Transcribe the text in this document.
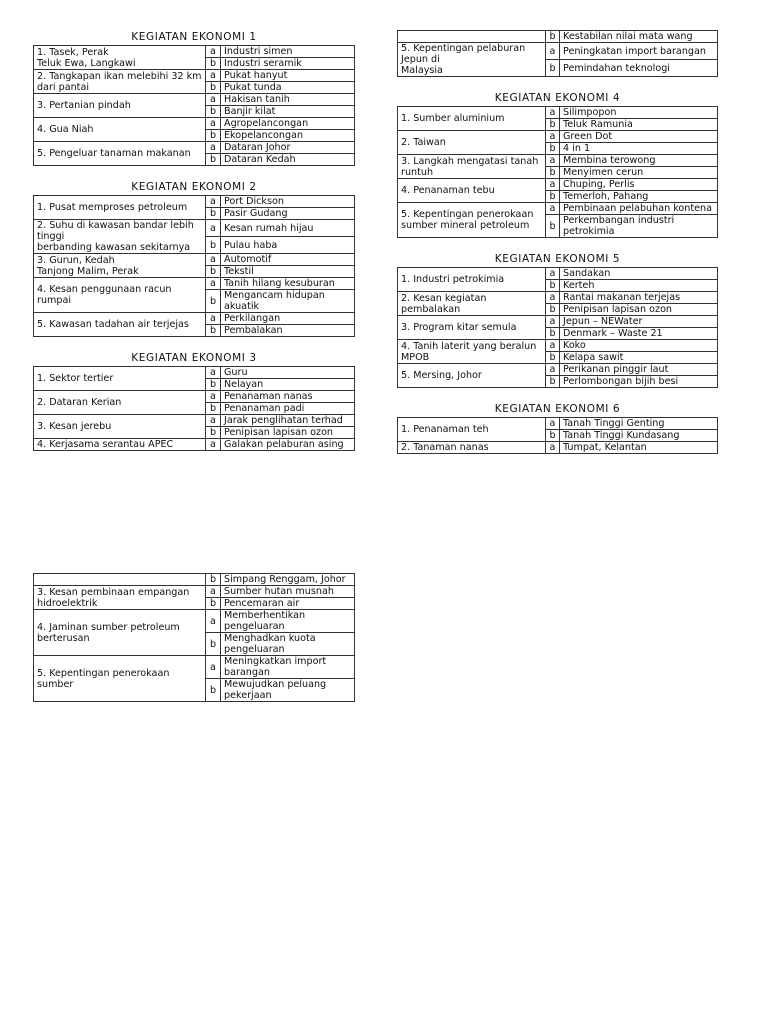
KEGIATAN EKONOMI 1
1. Tasek, Perak
Teluk Ewa, Langkawi	a	Industri simen
	b	Industri seramik
2. Tangkapan ikan melebihi 32 km
dari pantai	a	Pukat hanyut
	b	Pukat tunda
3. Pertanian pindah	a	Hakisan tanih
	b	Banjir kilat
4. Gua Niah	a	Agropelancongan
	b	Ekopelancongan
5. Pengeluar tanaman makanan	a	Dataran Johor
	b	Dataran Kedah
KEGIATAN EKONOMI 2
1. Pusat memproses petroleum	a	Port Dickson
	b	Pasir Gudang
2. Suhu di kawasan bandar lebih tinggi
berbanding kawasan sekitarnya	a	Kesan rumah hijau
	b	Pulau haba
3. Gurun, Kedah
Tanjong Malim, Perak	a	Automotif
	b	Tekstil
4. Kesan penggunaan racun rumpai	a	Tanih hilang kesuburan
	b	Mengancam hidupan akuatik
5. Kawasan tadahan air terjejas	a	Perkilangan
	b	Pembalakan
KEGIATAN EKONOMI 3
1. Sektor tertier	a	Guru
	b	Nelayan
2. Dataran Kerian	a	Penanaman nanas
	b	Penanaman padi
3. Kesan jerebu	a	Jarak penglihatan terhad
	b	Penipisan lapisan ozon
4. Kerjasama serantau APEC	a	Galakan pelaburan asing
	b	Simpang Renggam, Johor
3. Kesan pembinaan empangan
hidroelektrik	a	Sumber hutan musnah
	b	Pencemaran air
4. Jaminan sumber petroleum
berterusan	a	Memberhentikan pengeluaran
	b	Menghadkan kuota pengeluaran
5. Kepentingan penerokaan sumber	a	Meningkatkan import barangan
	b	Mewujudkan peluang pekerjaan
	b	Kestabilan nilai mata wang
5. Kepentingan pelaburan Jepun di
Malaysia	a	Peningkatan import barangan
	b	Pemindahan teknologi
KEGIATAN EKONOMI 4
1. Sumber aluminium	a	Silimpopon
	b	Teluk Ramunia
2. Taiwan	a	Green Dot
	b	4 in 1
3. Langkah mengatasi tanah
runtuh	a	Membina terowong
	b	Menyimen cerun
4. Penanaman tebu	a	Chuping, Perlis
	b	Temerloh, Pahang
5. Kepentingan penerokaan
sumber mineral petroleum	a	Pembinaan pelabuhan kontena
	b	Perkembangan industri petrokimia
KEGIATAN EKONOMI 5
1. Industri petrokimia	a	Sandakan
	b	Kerteh
2. Kesan kegiatan pembalakan	a	Rantai makanan terjejas
	b	Penipisan lapisan ozon
3. Program kitar semula	a	Jepun – NEWater
	b	Denmark – Waste 21
4. Tanih laterit yang beralun
MPOB	a	Koko
	b	Kelapa sawit
5. Mersing, Johor	a	Perikanan pinggir laut
	b	Perlombongan bijih besi
KEGIATAN EKONOMI 6
1. Penanaman teh	a	Tanah Tinggi Genting
	b	Tanah Tinggi Kundasang
2. Tanaman nanas	a	Tumpat, Kelantan
